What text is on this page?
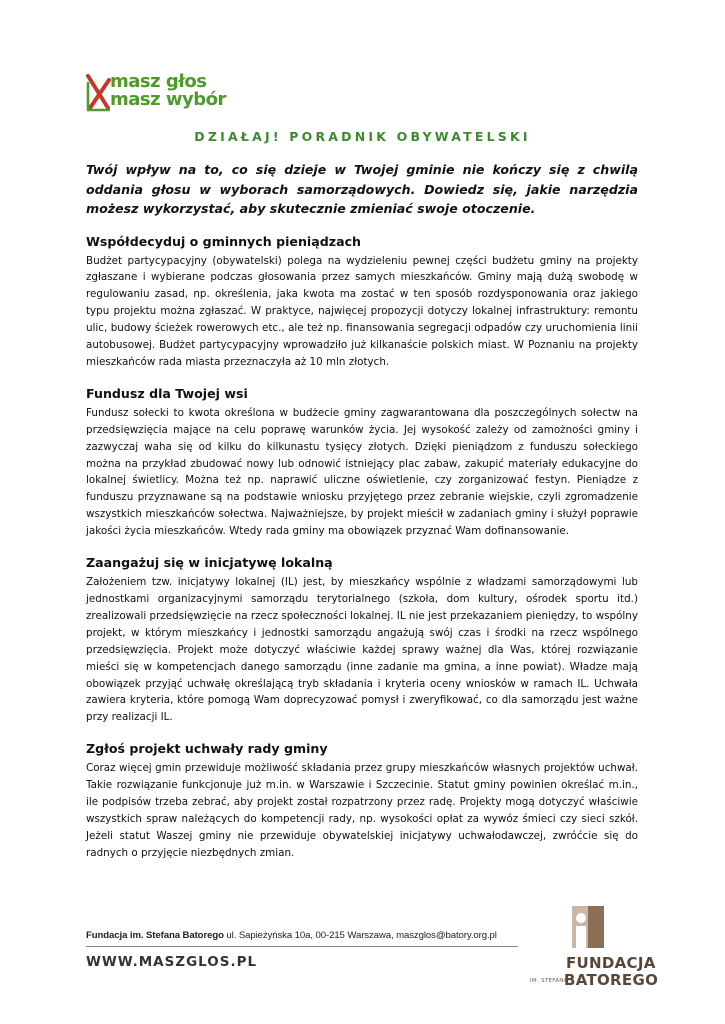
masz głos
masz wybór
DZIAŁAJ! PORADNIK OBYWATELSKI

Twój wpływ na to, co się dzieje w Twojej gminie nie kończy się z chwilą oddania głosu w wyborach samorządowych. Dowiedz się, jakie narzędzia możesz wykorzystać, aby skutecznie zmieniać swoje otoczenie.

Współdecyduj o gminnych pieniądzach

Budżet partycypacyjny (obywatelski) polega na wydzieleniu pewnej części budżetu gminy na projekty zgłaszane i wybierane podczas głosowania przez samych mieszkańców. Gminy mają dużą swobodę w regulowaniu zasad, np. określenia, jaka kwota ma zostać w ten sposób rozdysponowania oraz jakiego typu projektu można zgłaszać. W praktyce, najwięcej propozycji dotyczy lokalnej infrastruktury: remontu ulic, budowy ścieżek rowerowych etc., ale też np. finansowania segregacji odpadów czy uruchomienia linii autobusowej. Budżet partycypacyjny wprowadziło już kilkanaście polskich miast. W Poznaniu na projekty mieszkańców rada miasta przeznaczyła aż 10 mln złotych.

Fundusz dla Twojej wsi

Fundusz sołecki to kwota określona w budżecie gminy zagwarantowana dla poszczególnych sołectw na przedsięwzięcia mające na celu poprawę warunków życia. Jej wysokość zależy od zamożności gminy i zazwyczaj waha się od kilku do kilkunastu tysięcy złotych. Dzięki pieniądzom z funduszu sołeckiego można na przykład zbudować nowy lub odnowić istniejący plac zabaw, zakupić materiały edukacyjne do lokalnej świetlicy. Można też np. naprawić uliczne oświetlenie, czy zorganizować festyn. Pieniądze z funduszu przyznawane są na podstawie wniosku przyjętego przez zebranie wiejskie, czyli zgromadzenie wszystkich mieszkańców sołectwa. Najważniejsze, by projekt mieścił w zadaniach gminy i służył poprawie jakości życia mieszkańców. Wtedy rada gminy ma obowiązek przyznać Wam dofinansowanie.

Zaangażuj się w inicjatywę lokalną

Założeniem tzw. inicjatywy lokalnej (IL) jest, by mieszkańcy wspólnie z władzami samorządowymi lub jednostkami organizacyjnymi samorządu terytorialnego (szkoła, dom kultury, ośrodek sportu itd.) zrealizowali przedsięwzięcie na rzecz społeczności lokalnej. IL nie jest przekazaniem pieniędzy, to wspólny projekt, w którym mieszkańcy i jednostki samorządu angażują swój czas i środki na rzecz wspólnego przedsięwzięcia. Projekt może dotyczyć właściwie każdej sprawy ważnej dla Was, której rozwiązanie mieści się w kompetencjach danego samorządu (inne zadanie ma gmina, a inne powiat). Władze mają obowiązek przyjąć uchwałę określającą tryb składania i kryteria oceny wniosków w ramach IL. Uchwała zawiera kryteria, które pomogą Wam doprecyzować pomysł i zweryfikować, co dla samorządu jest ważne przy realizacji IL.

Zgłoś projekt uchwały rady gminy

Coraz więcej gmin przewiduje możliwość składania przez grupy mieszkańców własnych projektów uchwał. Takie rozwiązanie funkcjonuje już m.in. w Warszawie i Szczecinie. Statut gminy powinien określać m.in., ile podpisów trzeba zebrać, aby projekt został rozpatrzony przez radę. Projekty mogą dotyczyć właściwie wszystkich spraw należących do kompetencji rady, np. wysokości opłat za wywóz śmieci czy sieci szkół. Jeżeli statut Waszej gminy nie przewiduje obywatelskiej inicjatywy uchwałodawczej, zwróćcie się do radnych o przyjęcie niezbędnych zmian.

Fundacja im. Stefana Batorego ul. Sapieżyńska 10a, 00-215 Warszawa, maszglos@batory.org.pl
WWW.MASZGLOS.PL	FUNDACJA
IM. STEFANA
BATOREGO
